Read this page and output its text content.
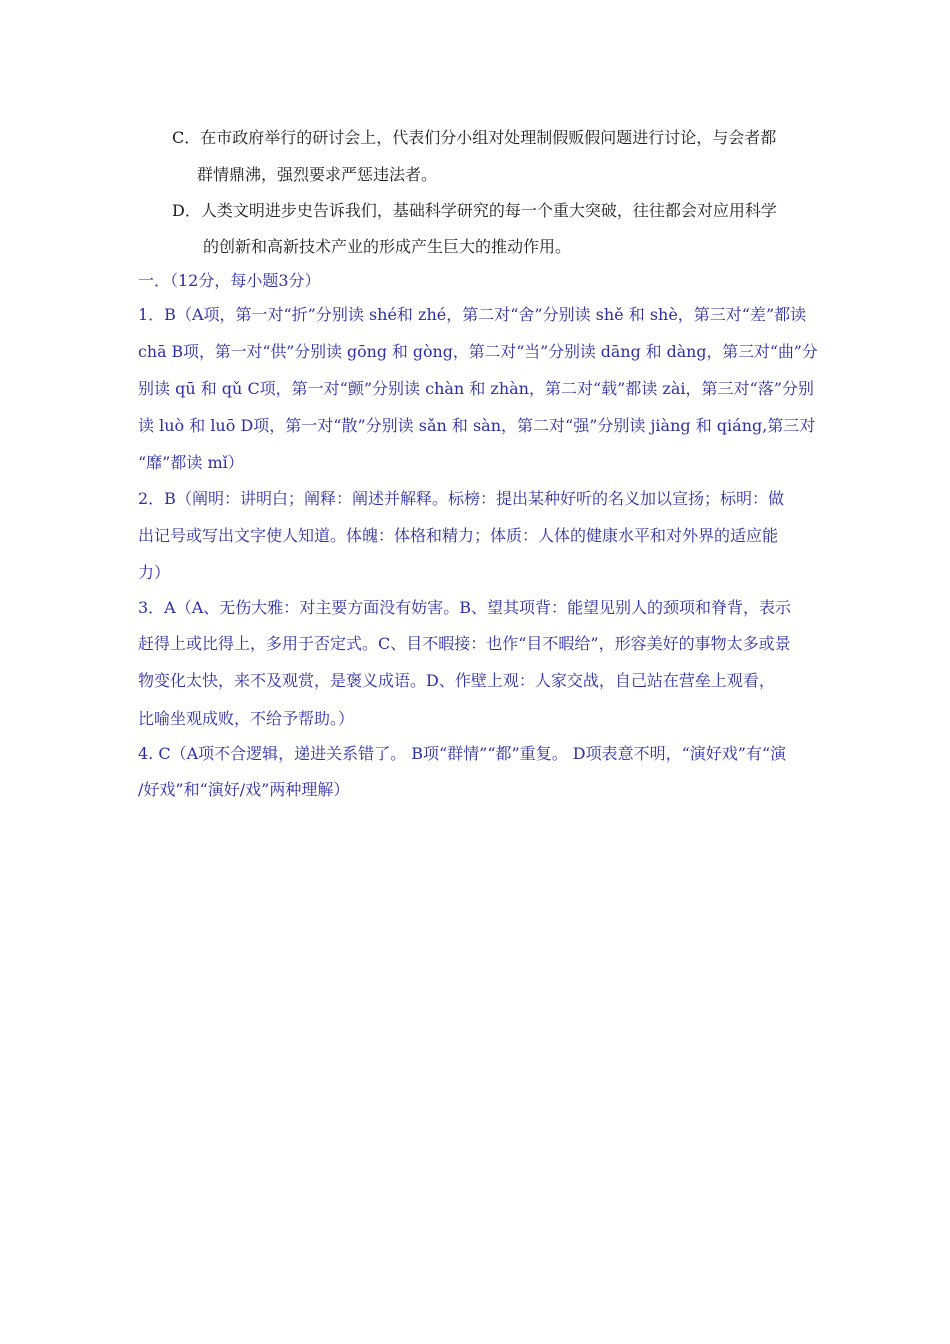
C．在市政府举行的研讨会上，代表们分小组对处理制假贩假问题进行讨论，与会者都
群情鼎沸，强烈要求严惩违法者。
D．人类文明进步史告诉我们，基础科学研究的每一个重大突破，往往都会对应用科学
的创新和高新技术产业的形成产生巨大的推动作用。
一．（12分，每小题3分）
1．B（A项，第一对“折”分别读 shé和 zhé，第二对“舍”分别读 shě 和 shè，第三对“差”都读
chā B项，第一对“供”分别读 gōng 和 gòng，第二对“当”分别读 dāng 和 dàng，第三对“曲”分
别读 qū 和 qǔ C项，第一对“颤”分别读 chàn 和 zhàn，第二对“载”都读 zài，第三对“落”分别
读 luò 和 luō D项，第一对“散”分别读 sǎn 和 sàn，第二对“强”分别读 jiàng 和 qiáng,第三对
“靡”都读 mǐ）
2．B（阐明：讲明白；阐释：阐述并解释。标榜：提出某种好听的名义加以宣扬；标明：做
出记号或写出文字使人知道。体魄：体格和精力；体质：人体的健康水平和对外界的适应能
力）
3．A（A、无伤大雅：对主要方面没有妨害。B、望其项背：能望见别人的颈项和脊背，表示
赶得上或比得上，多用于否定式。C、目不暇接：也作“目不暇给”，形容美好的事物太多或景
物变化太快，来不及观赏，是褒义成语。D、作壁上观：人家交战，自己站在营垒上观看，
比喻坐观成败，不给予帮助。）
4. C（A项不合逻辑，递进关系错了。 B项“群情”“都”重复。 D项表意不明，“演好戏”有“演
/好戏”和“演好/戏”两种理解）
